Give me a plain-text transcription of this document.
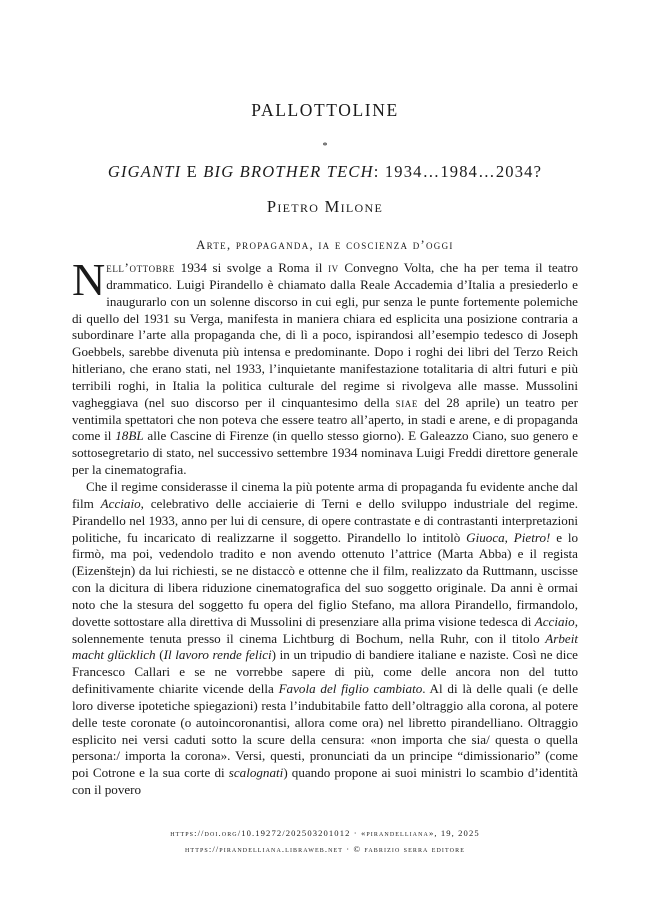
PALLOTTOLINE
*
GIGANTI E BIG BROTHER TECH: 1934…1984…2034?
Pietro Milone
Arte, propaganda, ia e coscienza d’oggi

Nell’ottobre 1934 si svolge a Roma il iv Convegno Volta, che ha per tema il teatro drammatico. Luigi Pirandello è chiamato dalla Reale Accademia d’Italia a presiederlo e inaugurarlo con un solenne discorso in cui egli, pur senza le punte fortemente polemiche di quello del 1931 su Verga, manifesta in maniera chiara ed esplicita una posizione contraria a subordinare l’arte alla propaganda che, di lì a poco, ispirandosi all’esempio tedesco di Joseph Goebbels, sarebbe divenuta più intensa e predominante. Dopo i roghi dei libri del Terzo Reich hitleriano, che erano stati, nel 1933, l’inquietante manifestazione totalitaria di altri futuri e più terribili roghi, in Italia la politica culturale del regime si rivolgeva alle masse. Mussolini vagheggiava (nel suo discorso per il cinquantesimo della siae del 28 aprile) un teatro per ventimila spettatori che non poteva che essere teatro all’aperto, in stadi e arene, e di propaganda come il 18BL alle Cascine di Firenze (in quello stesso giorno). E Galeazzo Ciano, suo genero e sottosegretario di stato, nel successivo settembre 1934 nominava Luigi Freddi direttore generale per la cinematografia.

Che il regime considerasse il cinema la più potente arma di propaganda fu evidente anche dal film Acciaio, celebrativo delle acciaierie di Terni e dello sviluppo industriale del regime. Pirandello nel 1933, anno per lui di censure, di opere contrastate e di contrastanti interpretazioni politiche, fu incaricato di realizzarne il soggetto. Pirandello lo intitolò Giuoca, Pietro! e lo firmò, ma poi, vedendolo tradito e non avendo ottenuto l’attrice (Marta Abba) e il regista (Eizenštejn) da lui richiesti, se ne distaccò e ottenne che il film, realizzato da Ruttmann, uscisse con la dicitura di libera riduzione cinematografica del suo soggetto originale. Da anni è ormai noto che la stesura del soggetto fu opera del figlio Stefano, ma allora Pirandello, firmandolo, dovette sottostare alla direttiva di Mussolini di presenziare alla prima visione tedesca di Acciaio, solennemente tenuta presso il cinema Lichtburg di Bochum, nella Ruhr, con il titolo Arbeit macht glücklich (Il lavoro rende felici) in un tripudio di bandiere italiane e naziste. Così ne dice Francesco Callari e se ne vorrebbe sapere di più, come delle ancora non del tutto definitivamente chiarite vicende della Favola del figlio cambiato. Al di là delle quali (e delle loro diverse ipotetiche spiegazioni) resta l’indubitabile fatto dell’oltraggio alla corona, al potere delle teste coronate (o autoincoronantisi, allora come ora) nel libretto pirandelliano. Oltraggio esplicito nei versi caduti sotto la scure della censura: «non importa che sia/ questa o quella persona:/ importa la corona». Versi, questi, pronunciati da un principe “dimissionario” (come poi Cotrone e la sua corte di scalognati) quando propone ai suoi ministri lo scambio d’identità con il povero

https://doi.org/10.19272/202503201012 · «pirandelliana», 19, 2025
https://pirandelliana.libraweb.net · © fabrizio serra editore
